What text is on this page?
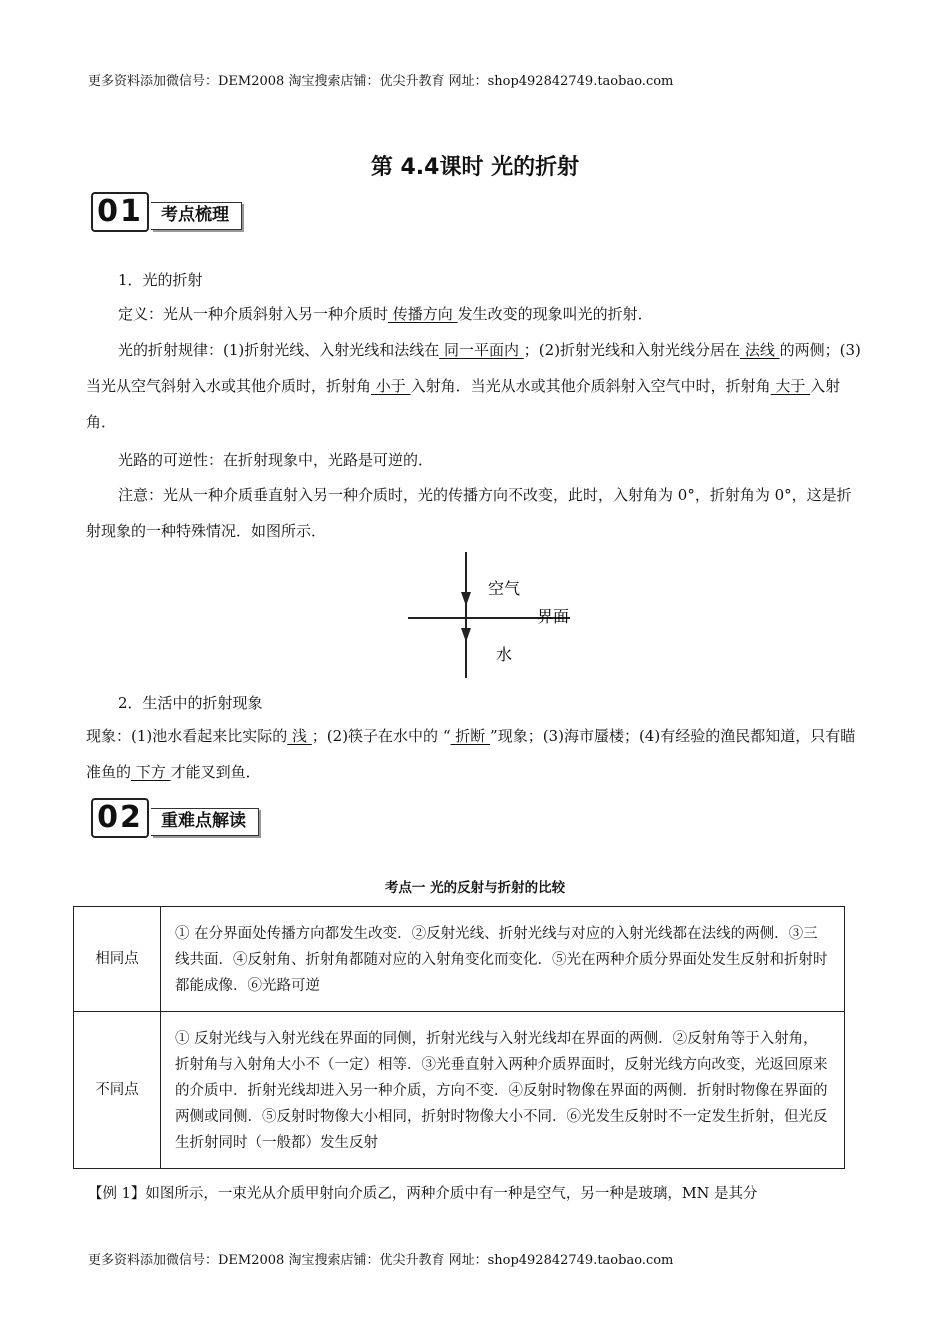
更多资料添加微信号：DEM2008 淘宝搜索店铺：优尖升教育 网址：shop492842749.taobao.com
第 4.4课时 光的折射
01	考点梳理
1．光的折射
定义：光从一种介质斜射入另一种介质时 传播方向 发生改变的现象叫光的折射．
光的折射规律：(1)折射光线、入射光线和法线在 同一平面内 ；(2)折射光线和入射光线分居在 法线 的两侧；(3)当光从空气斜射入水或其他介质时，折射角 小于 入射角．当光从水或其他介质斜射入空气中时，折射角 大于 入射角．
光路的可逆性：在折射现象中，光路是可逆的．
注意：光从一种介质垂直射入另一种介质时，光的传播方向不改变，此时，入射角为 0°，折射角为 0°，这是折射现象的一种特殊情况．如图所示．
空气
界面
水
2．生活中的折射现象
现象：(1)池水看起来比实际的 浅 ；(2)筷子在水中的 “ 折断 ”现象；(3)海市蜃楼；(4)有经验的渔民都知道，只有瞄准鱼的 下方 才能叉到鱼．
02	重难点解读
考点一 光的反射与折射的比较
相同点	① 在分界面处传播方向都发生改变．②反射光线、折射光线与对应的入射光线都在法线的两侧．③三线共面．④反射角、折射角都随对应的入射角变化而变化．⑤光在两种介质分界面处发生反射和折射时都能成像．⑥光路可逆
不同点	① 反射光线与入射光线在界面的同侧，折射光线与入射光线却在界面的两侧．②反射角等于入射角，折射角与入射角大小不（一定）相等．③光垂直射入两种介质界面时，反射光线方向改变，光返回原来的介质中．折射光线却进入另一种介质，方向不变．④反射时物像在界面的两侧．折射时物像在界面的两侧或同侧．⑤反射时物像大小相同，折射时物像大小不同．⑥光发生反射时不一定发生折射，但光反生折射同时（一般都）发生反射
【例 1】如图所示，一束光从介质甲射向介质乙，两种介质中有一种是空气，另一种是玻璃，MN 是其分
更多资料添加微信号：DEM2008 淘宝搜索店铺：优尖升教育 网址：shop492842749.taobao.com
